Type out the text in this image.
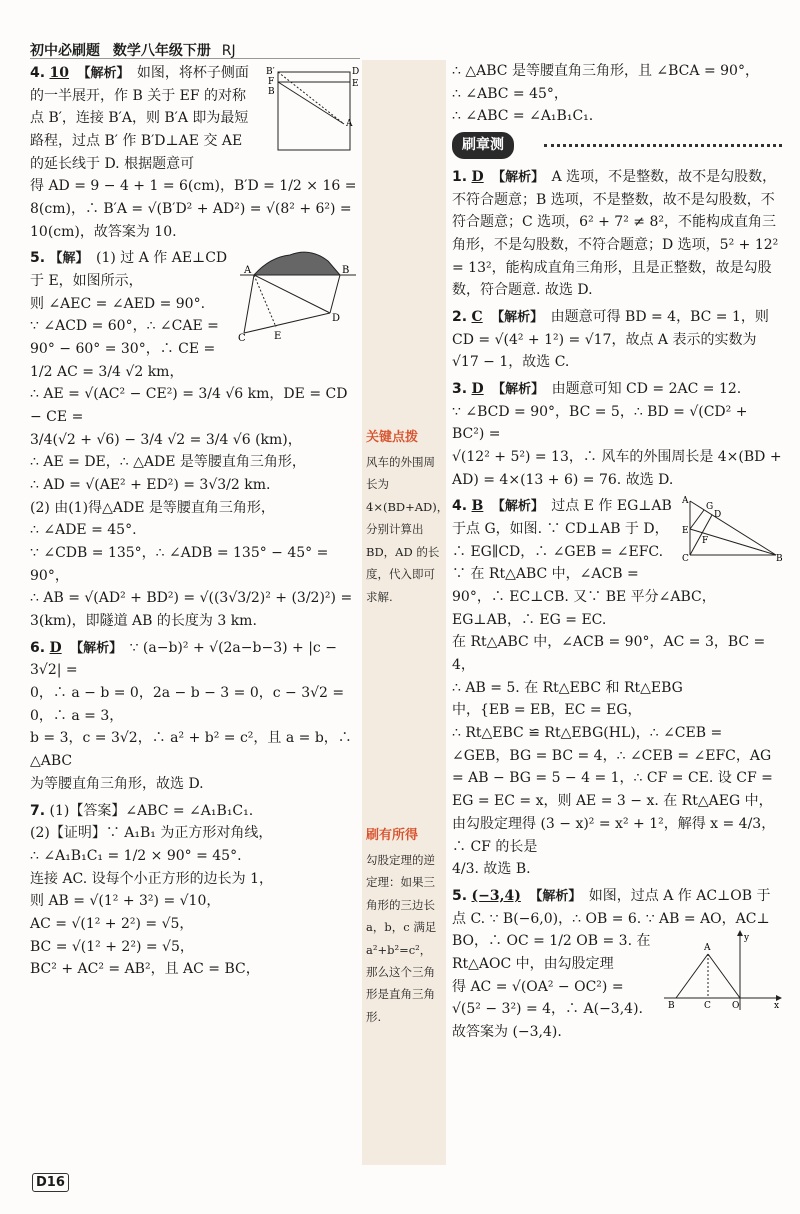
初中必刷题 数学八年级下册 RJ
B′
F
B
D
E
A
4. 10 【解析】 如图，将杯子侧面的一半展开，作 B 关于 EF 的对称点 B′，连接 B′A，则 B′A 即为最短路程，过点 B′ 作 B′D⊥AE 交 AE 的延长线于 D. 根据题意可
得 AD = 9 − 4 + 1 = 6(cm)，B′D = 1/2 × 16 =
8(cm)，∴ B′A = √(B′D² + AD²) = √(8² + 6²) =
10(cm)，故答案为 10.
A	B
C	E
D
5. 【解】 (1) 过 A 作 AE⊥CD 于 E，如图所示，
则 ∠AEC = ∠AED = 90°.
∵ ∠ACD = 60°，∴ ∠CAE =
90° − 60° = 30°，∴ CE = 1/2 AC = 3/4 √2 km，
∴ AE = √(AC² − CE²) = 3/4 √6 km，DE = CD − CE =
3/4(√2 + √6) − 3/4 √2 = 3/4 √6 (km)，
∴ AE = DE，∴ △ADE 是等腰直角三角形，
∴ AD = √(AE² + ED²) = 3√3/2 km.
(2) 由(1)得△ADE 是等腰直角三角形，
∴ ∠ADE = 45°.
∵ ∠CDB = 135°，∴ ∠ADB = 135° − 45° = 90°，
∴ AB = √(AD² + BD²) = √((3√3/2)² + (3/2)²) =
3(km)，即隧道 AB 的长度为 3 km.
6. D 【解析】 ∵ (a−b)² + √(2a−b−3) + |c − 3√2| =
0，∴ a − b = 0，2a − b − 3 = 0，c − 3√2 = 0，∴ a = 3，
b = 3，c = 3√2，∴ a² + b² = c²，且 a = b，∴ △ABC
为等腰直角三角形，故选 D.
7. (1)【答案】∠ABC = ∠A₁B₁C₁.
(2)【证明】∵ A₁B₁ 为正方形对角线，
∴ ∠A₁B₁C₁ = 1/2 × 90° = 45°.
连接 AC. 设每个小正方形的边长为 1，
则 AB = √(1² + 3²) = √10，
AC = √(1² + 2²) = √5，
BC = √(1² + 2²) = √5，
BC² + AC² = AB²，且 AC = BC，
关键点拨
风车的外围周长为 4×(BD+AD)，分别计算出 BD，AD 的长度，代入即可求解.
刷有所得
勾股定理的逆定理：如果三角形的三边长 a，b，c 满足 a²+b²=c²，那么这个三角形是直角三角形.
∴ △ABC 是等腰直角三角形，且 ∠BCA = 90°，
∴ ∠ABC = 45°，
∴ ∠ABC = ∠A₁B₁C₁.
刷章测
1. D 【解析】 A 选项，不是整数，故不是勾股数，不符合题意；B 选项，不是整数，故不是勾股数，不符合题意；C 选项，6² + 7² ≠ 8²，不能构成直角三角形，不是勾股数，不符合题意；D 选项，5² + 12² = 13²，能构成直角三角形，且是正整数，故是勾股数，符合题意. 故选 D.
2. C 【解析】 由题意可得 BD = 4，BC = 1，则
CD = √(4² + 1²) = √17，故点 A 表示的实数为
√17 − 1，故选 C.
3. D 【解析】 由题意可知 CD = 2AC = 12.
∵ ∠BCD = 90°，BC = 5，∴ BD = √(CD² + BC²) =
√(12² + 5²) = 13，∴ 风车的外围周长是 4×(BD +
AD) = 4×(13 + 6) = 76. 故选 D.
A
G
D
E
F
C	B
4. B 【解析】 过点 E 作 EG⊥AB 于点 G，如图. ∵ CD⊥AB 于 D，∴ EG∥CD，∴ ∠GEB = ∠EFC. ∵ 在 Rt△ABC 中，∠ACB = 90°，∴ EC⊥CB. 又∵ BE 平分∠ABC，EG⊥AB，∴ EG = EC.
在 Rt△ABC 中，∠ACB = 90°，AC = 3，BC = 4，
∴ AB = 5. 在 Rt△EBC 和 Rt△EBG
中，{EB = EB，EC = EG，
∴ Rt△EBC ≌ Rt△EBG(HL)，∴ ∠CEB = ∠GEB，BG = BC = 4，∴ ∠CEB = ∠EFC，AG = AB − BG = 5 − 4 = 1，∴ CF = CE. 设 CF = EG = EC = x，则 AE = 3 − x. 在 Rt△AEG 中，由勾股定理得 (3 − x)² = x² + 1²，解得 x = 4/3，∴ CF 的长是
4/3. 故选 B.
5. (−3,4) 【解析】 如图，过点 A 作 AC⊥OB 于点 C. ∵ B(−6,0)，∴ OB = 6. ∵ AB = AO，AC⊥
A
B	C O	x
y
BO，∴ OC = 1/2 OB = 3. 在
Rt△AOC 中，由勾股定理
得 AC = √(OA² − OC²) =
√(5² − 3²) = 4，∴ A(−3,4). 故答案为 (−3,4).
D16
